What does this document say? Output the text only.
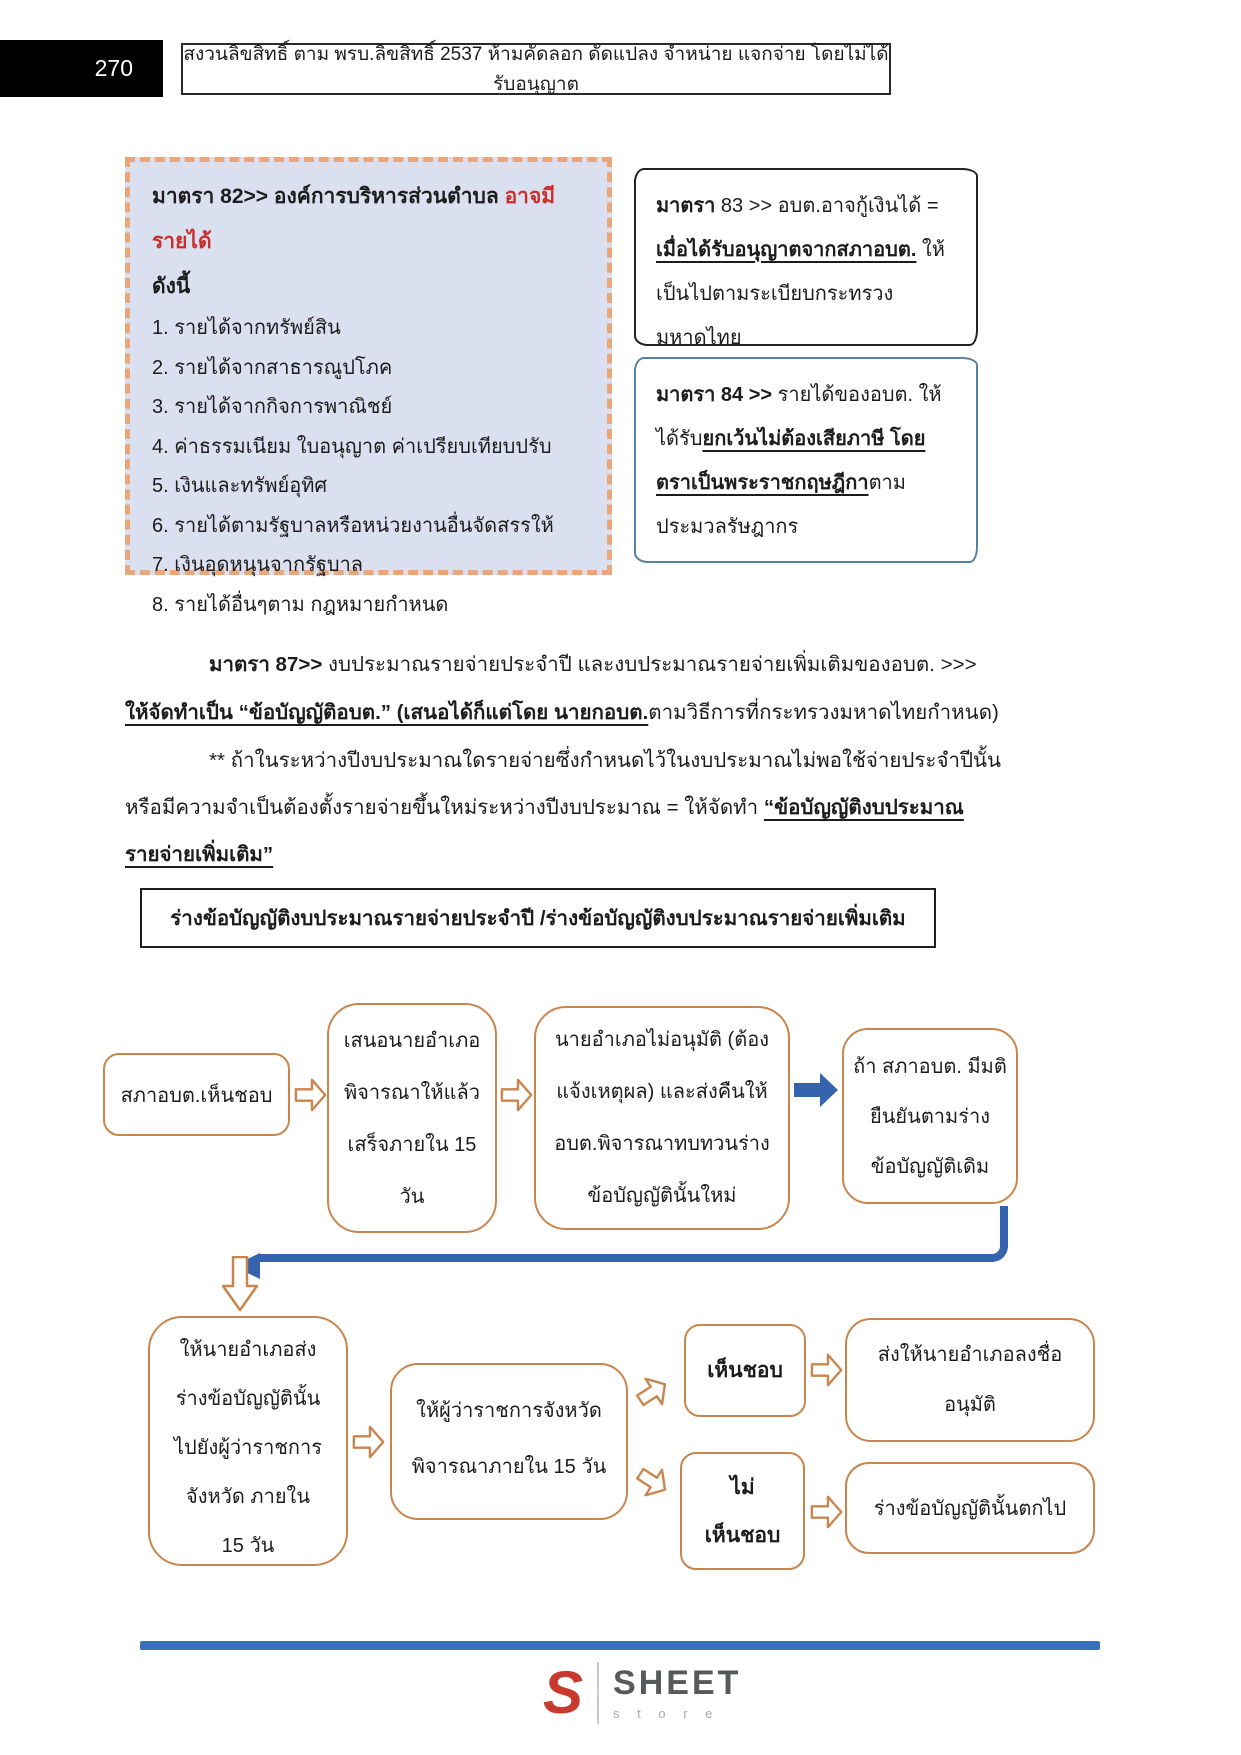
270
สงวนลิขสิทธิ์ ตาม พรบ.ลิขสิทธิ์ 2537 ห้ามคัดลอก ดัดแปลง จำหน่าย แจกจ่าย โดยไม่ได้รับอนุญาต
มาตรา 82>> องค์การบริหารส่วนตำบล อาจมีรายได้
ดังนี้
1. รายได้จากทรัพย์สิน
2. รายได้จากสาธารณูปโภค
3. รายได้จากกิจการพาณิชย์
4. ค่าธรรมเนียม ใบอนุญาต ค่าเปรียบเทียบปรับ
5. เงินและทรัพย์อุทิศ
6. รายได้ตามรัฐบาลหรือหน่วยงานอื่นจัดสรรให้
7. เงินอุดหนุนจากรัฐบาล
8. รายได้อื่นๆตาม กฎหมายกำหนด
มาตรา 83 >> อบต.อาจกู้เงินได้ = เมื่อได้รับอนุญาตจากสภาอบต. ให้เป็นไปตามระเบียบกระทรวงมหาดไทย
มาตรา 84 >> รายได้ของอบต. ให้ได้รับยกเว้นไม่ต้องเสียภาษี โดยตราเป็นพระราชกฤษฎีกาตามประมวลรัษฎากร
มาตรา 87>> งบประมาณรายจ่ายประจำปี และงบประมาณรายจ่ายเพิ่มเติมของอบต. >>>
ให้จัดทำเป็น “ข้อบัญญัติอบต.” (เสนอได้ก็แต่โดย นายกอบต.ตามวิธีการที่กระทรวงมหาดไทยกำหนด)
** ถ้าในระหว่างปีงบประมาณใดรายจ่ายซึ่งกำหนดไว้ในงบประมาณไม่พอใช้จ่ายประจำปีนั้น
หรือมีความจำเป็นต้องตั้งรายจ่ายขึ้นใหม่ระหว่างปีงบประมาณ = ให้จัดทำ “ข้อบัญญัติงบประมาณ
รายจ่ายเพิ่มเติม”
ร่างข้อบัญญัติงบประมาณรายจ่ายประจำปี /ร่างข้อบัญญัติงบประมาณรายจ่ายเพิ่มเติม
สภาอบต.เห็นชอบ
เสนอนายอำเภอ
พิจารณาให้แล้ว
เสร็จภายใน 15
วัน
นายอำเภอไม่อนุมัติ (ต้อง
แจ้งเหตุผล) และส่งคืนให้
อบต.พิจารณาทบทวนร่าง
ข้อบัญญัตินั้นใหม่
ถ้า สภาอบต. มีมติ
ยืนยันตามร่าง
ข้อบัญญัติเดิม
ให้นายอำเภอส่ง
ร่างข้อบัญญัตินั้น
ไปยังผู้ว่าราชการ
จังหวัด ภายใน
15 วัน
ให้ผู้ว่าราชการจังหวัด
พิจารณาภายใน 15 วัน
เห็นชอบ
ส่งให้นายอำเภอลงชื่อ
อนุมัติ
ไม่
เห็นชอบ
ร่างข้อบัญญัตินั้นตกไป
S SHEET
s t o r e
